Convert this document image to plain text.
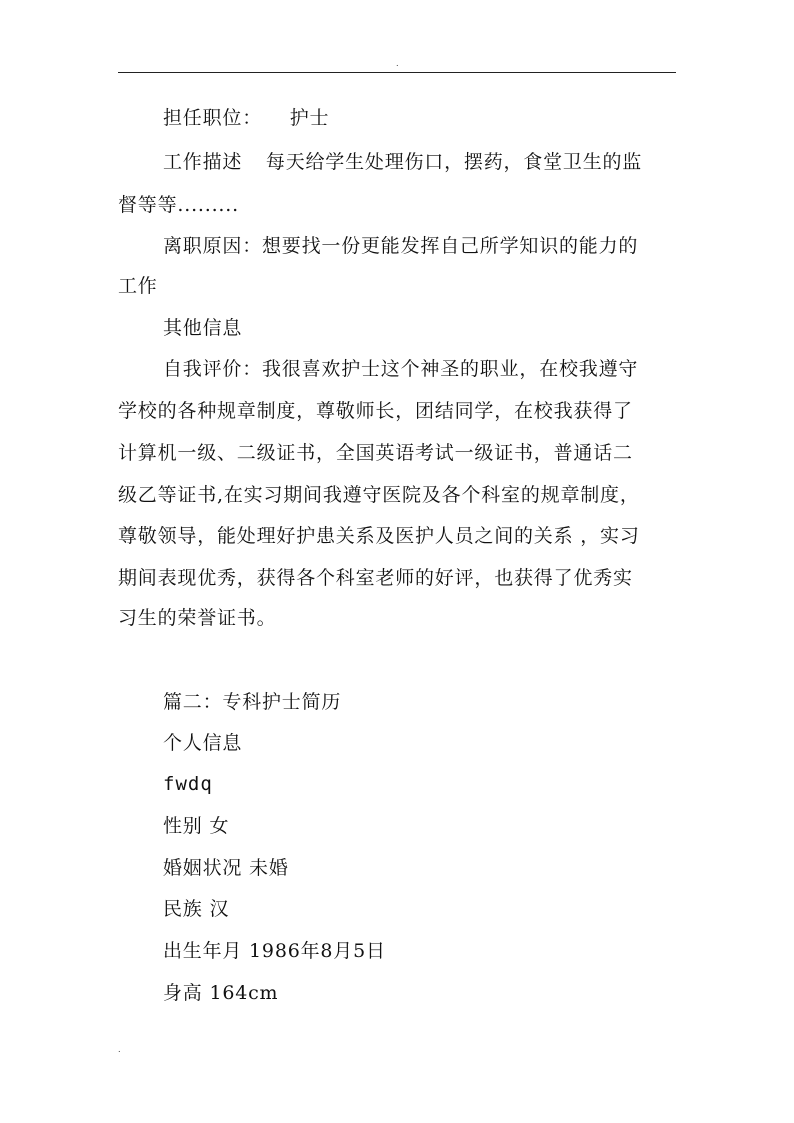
.
担任职位： 护士
工作描述 每天给学生处理伤口，摆药，食堂卫生的监
督等等.........
离职原因：想要找一份更能发挥自己所学知识的能力的
工作
其他信息
自我评价：我很喜欢护士这个神圣的职业，在校我遵守
学校的各种规章制度，尊敬师长，团结同学，在校我获得了
计算机一级、二级证书，全国英语考试一级证书，普通话二
级乙等证书,在实习期间我遵守医院及各个科室的规章制度，
尊敬领导，能处理好护患关系及医护人员之间的关系 ，实习
期间表现优秀，获得各个科室老师的好评，也获得了优秀实
习生的荣誉证书。
篇二：专科护士简历
个人信息
fwdq
性别 女
婚姻状况 未婚
民族 汉
出生年月 1986年8月5日
身高 164cm
.
